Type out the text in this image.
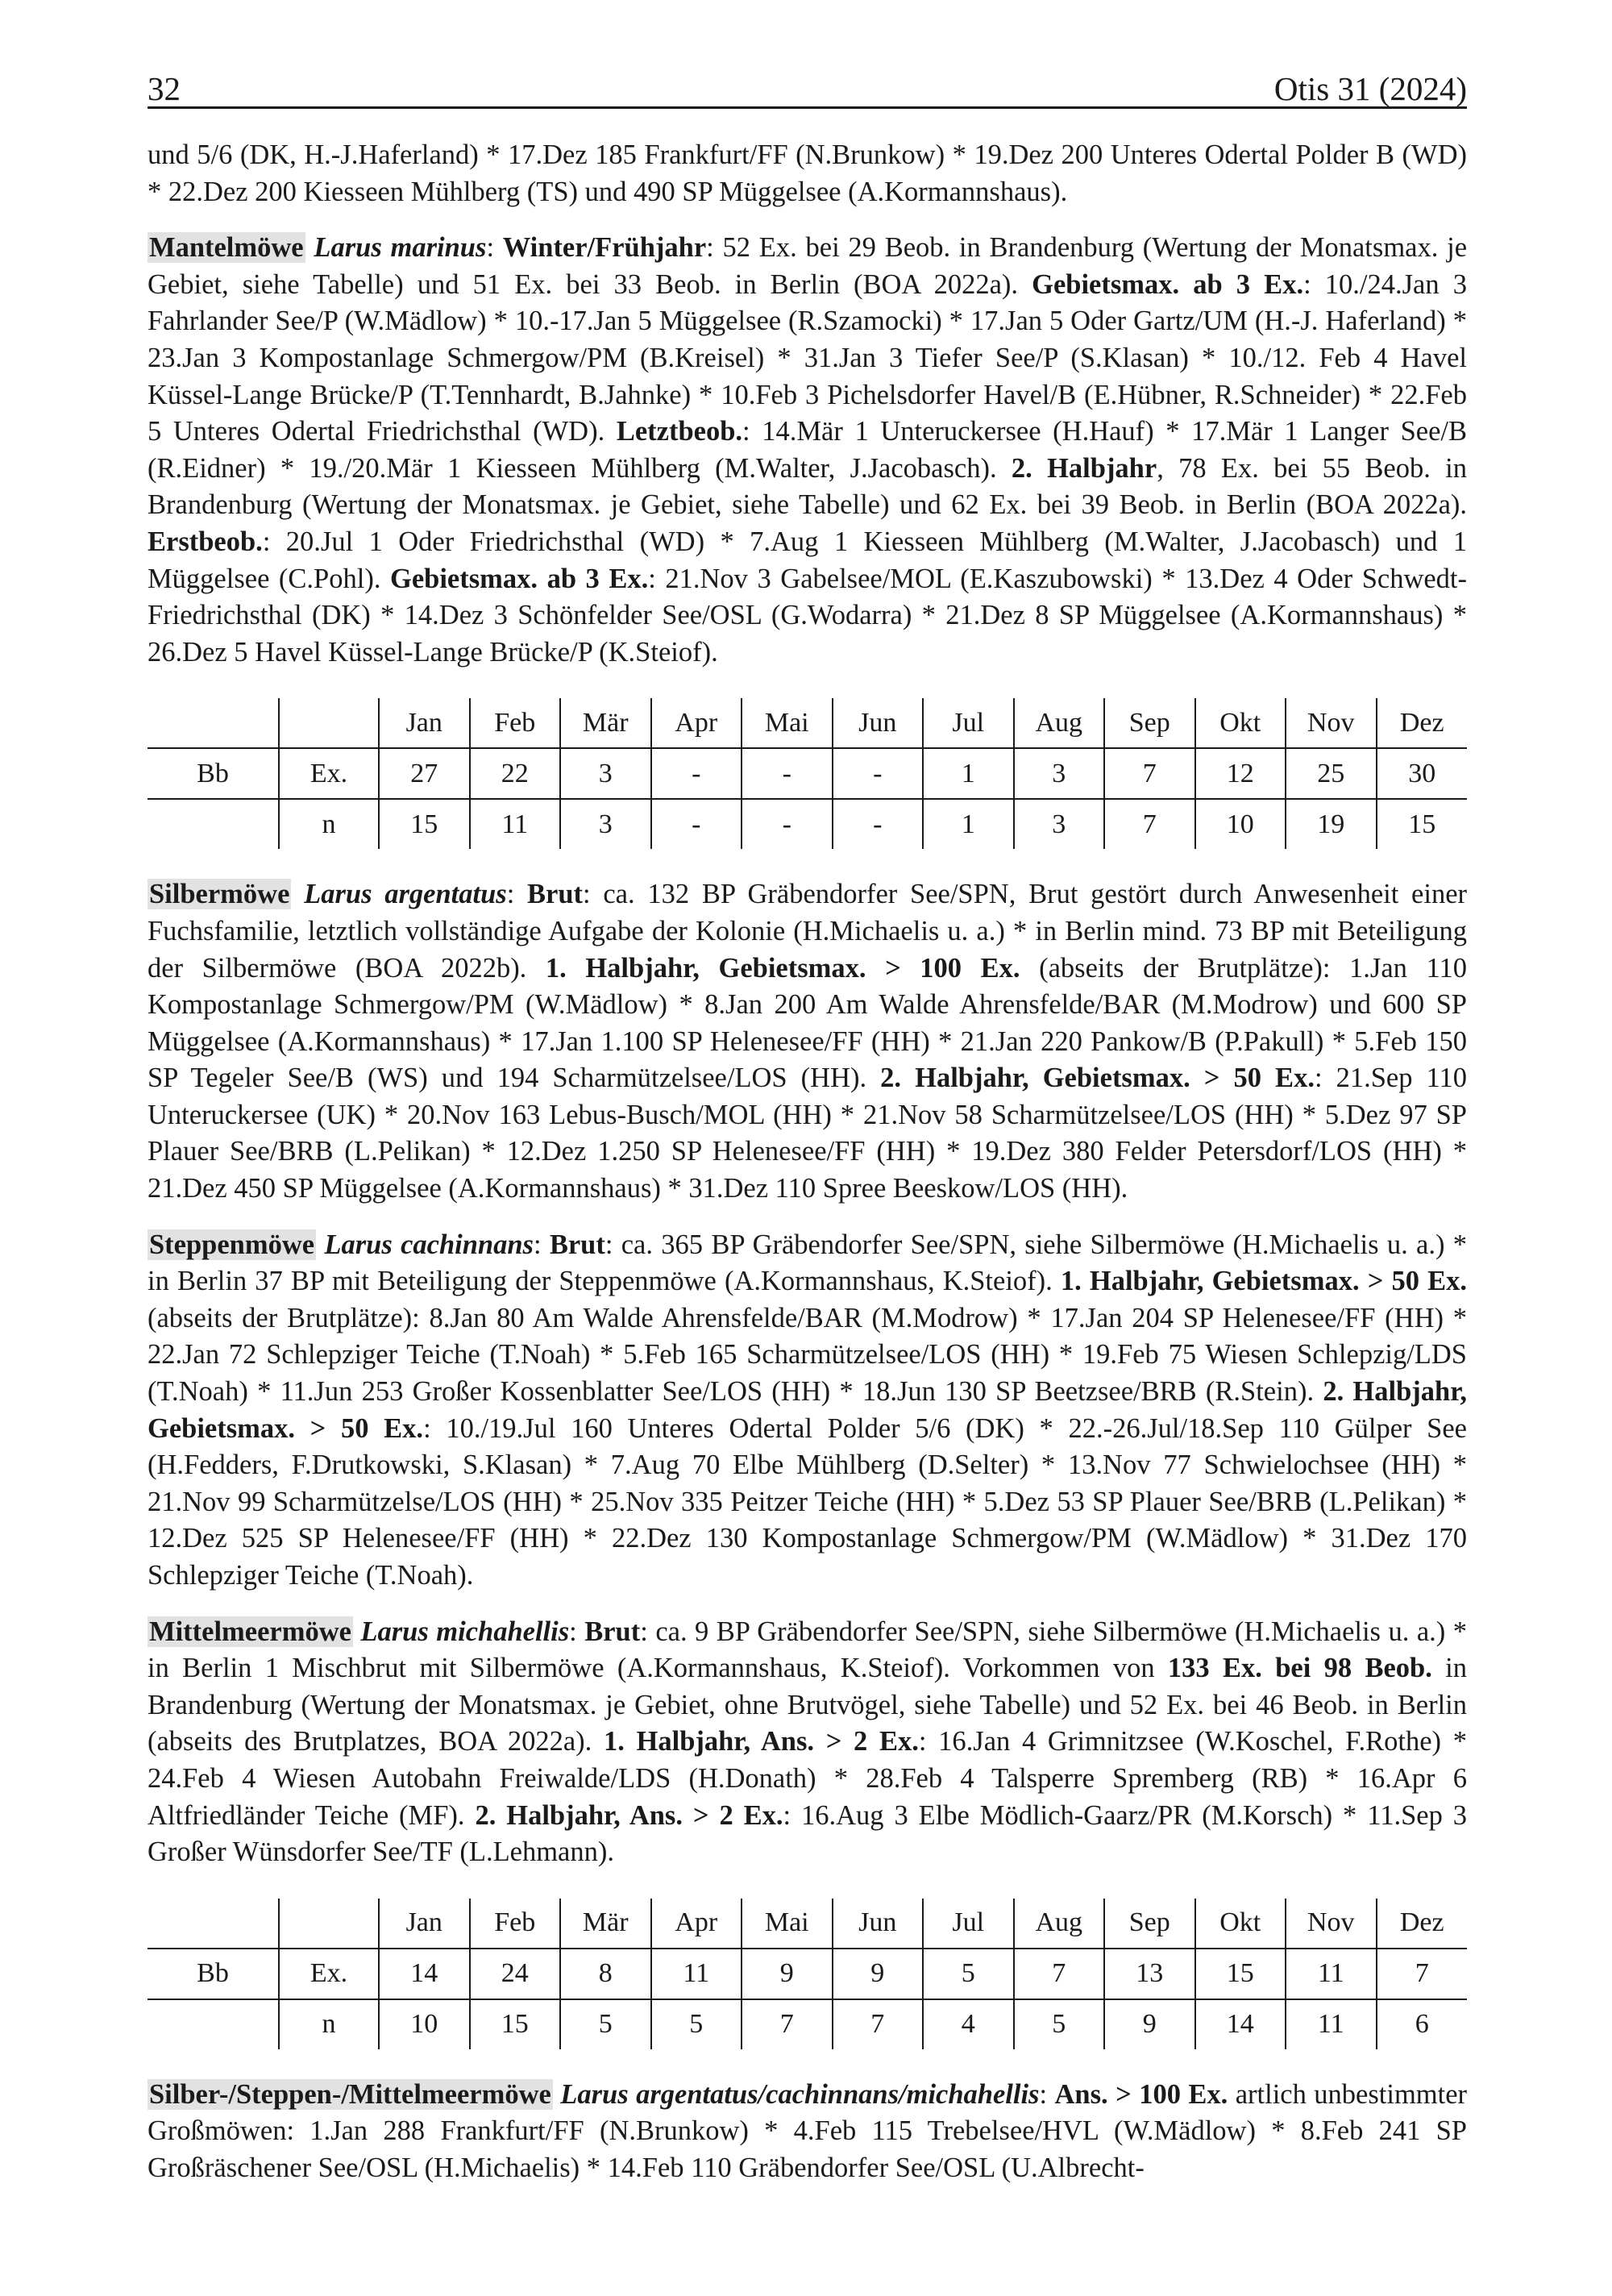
32	Otis 31 (2024)

und 5/6 (DK, H.-J.Haferland) * 17.Dez 185 Frankfurt/FF (N.Brunkow) * 19.Dez 200 Unteres Odertal Polder B (WD) * 22.Dez 200 Kiesseen Mühlberg (TS) und 490 SP Müggelsee (A.Kormannshaus).

Mantelmöwe Larus marinus: Winter/Frühjahr: 52 Ex. bei 29 Beob. in Brandenburg (Wertung der Monatsmax. je Gebiet, siehe Tabelle) und 51 Ex. bei 33 Beob. in Berlin (BOA 2022a). Gebietsmax. ab 3 Ex.: 10./24.Jan 3 Fahrlander See/P (W.Mädlow) * 10.-17.Jan 5 Müggelsee (R.Szamocki) * 17.Jan 5 Oder Gartz/UM (H.-J. Haferland) * 23.Jan 3 Kompostanlage Schmergow/PM (B.Kreisel) * 31.Jan 3 Tiefer See/P (S.Klasan) * 10./12. Feb 4 Havel Küssel-Lange Brücke/P (T.Tennhardt, B.Jahnke) * 10.Feb 3 Pichelsdorfer Havel/B (E.Hübner, R.Schneider) * 22.Feb 5 Unteres Odertal Friedrichsthal (WD). Letztbeob.: 14.Mär 1 Unteruckersee (H.Hauf) * 17.Mär 1 Langer See/B (R.Eidner) * 19./20.Mär 1 Kiesseen Mühlberg (M.Walter, J.Jacobasch). 2. Halbjahr, 78 Ex. bei 55 Beob. in Brandenburg (Wertung der Monatsmax. je Gebiet, siehe Tabelle) und 62 Ex. bei 39 Beob. in Berlin (BOA 2022a). Erstbeob.: 20.Jul 1 Oder Friedrichsthal (WD) * 7.Aug 1 Kiesseen Mühlberg (M.Walter, J.Jacobasch) und 1 Müggelsee (C.Pohl). Gebietsmax. ab 3 Ex.: 21.Nov 3 Gabelsee/MOL (E.Kaszubowski) * 13.Dez 4 Oder Schwedt-Friedrichsthal (DK) * 14.Dez 3 Schönfelder See/OSL (G.Wodarra) * 21.Dez 8 SP Müggelsee (A.Kormannshaus) * 26.Dez 5 Havel Küssel-Lange Brücke/P (K.Steiof).

		Jan	Feb	Mär	Apr	Mai	Jun	Jul	Aug	Sep	Okt	Nov	Dez
Bb	Ex.	27	22	3	-	-	-	1	3	7	12	25	30
	n	15	11	3	-	-	-	1	3	7	10	19	15

Silbermöwe Larus argentatus: Brut: ca. 132 BP Gräbendorfer See/SPN, Brut gestört durch Anwesenheit einer Fuchsfamilie, letztlich vollständige Aufgabe der Kolonie (H.Michaelis u. a.) * in Berlin mind. 73 BP mit Beteiligung der Silbermöwe (BOA 2022b). 1. Halbjahr, Gebietsmax. > 100 Ex. (abseits der Brutplätze): 1.Jan 110 Kompostanlage Schmergow/PM (W.Mädlow) * 8.Jan 200 Am Walde Ahrensfelde/BAR (M.Modrow) und 600 SP Müggelsee (A.Kormannshaus) * 17.Jan 1.100 SP Helenesee/FF (HH) * 21.Jan 220 Pankow/B (P.Pakull) * 5.Feb 150 SP Tegeler See/B (WS) und 194 Scharmützelsee/LOS (HH). 2. Halbjahr, Gebietsmax. > 50 Ex.: 21.Sep 110 Unteruckersee (UK) * 20.Nov 163 Lebus-Busch/MOL (HH) * 21.Nov 58 Scharmützelsee/LOS (HH) * 5.Dez 97 SP Plauer See/BRB (L.Pelikan) * 12.Dez 1.250 SP Helenesee/FF (HH) * 19.Dez 380 Felder Petersdorf/LOS (HH) * 21.Dez 450 SP Müggelsee (A.Kormannshaus) * 31.Dez 110 Spree Beeskow/LOS (HH).

Steppenmöwe Larus cachinnans: Brut: ca. 365 BP Gräbendorfer See/SPN, siehe Silbermöwe (H.Michaelis u. a.) * in Berlin 37 BP mit Beteiligung der Steppenmöwe (A.Kormannshaus, K.Steiof). 1. Halbjahr, Gebietsmax. > 50 Ex. (abseits der Brutplätze): 8.Jan 80 Am Walde Ahrensfelde/BAR (M.Modrow) * 17.Jan 204 SP Helenesee/FF (HH) * 22.Jan 72 Schlepziger Teiche (T.Noah) * 5.Feb 165 Scharmützelsee/LOS (HH) * 19.Feb 75 Wiesen Schlepzig/LDS (T.Noah) * 11.Jun 253 Großer Kossenblatter See/LOS (HH) * 18.Jun 130 SP Beetzsee/BRB (R.Stein). 2. Halbjahr, Gebietsmax. > 50 Ex.: 10./19.Jul 160 Unteres Odertal Polder 5/6 (DK) * 22.-26.Jul/18.Sep 110 Gülper See (H.Fedders, F.Drutkowski, S.Klasan) * 7.Aug 70 Elbe Mühlberg (D.Selter) * 13.Nov 77 Schwielochsee (HH) * 21.Nov 99 Scharmützelse/LOS (HH) * 25.Nov 335 Peitzer Teiche (HH) * 5.Dez 53 SP Plauer See/BRB (L.Pelikan) * 12.Dez 525 SP Helenesee/FF (HH) * 22.Dez 130 Kompostanlage Schmergow/PM (W.Mädlow) * 31.Dez 170 Schlepziger Teiche (T.Noah).

Mittelmeermöwe Larus michahellis: Brut: ca. 9 BP Gräbendorfer See/SPN, siehe Silbermöwe (H.Michaelis u. a.) * in Berlin 1 Mischbrut mit Silbermöwe (A.Kormannshaus, K.Steiof). Vorkommen von 133 Ex. bei 98 Beob. in Brandenburg (Wertung der Monatsmax. je Gebiet, ohne Brutvögel, siehe Tabelle) und 52 Ex. bei 46 Beob. in Berlin (abseits des Brutplatzes, BOA 2022a). 1. Halbjahr, Ans. > 2 Ex.: 16.Jan 4 Grimnitzsee (W.Koschel, F.Rothe) * 24.Feb 4 Wiesen Autobahn Freiwalde/LDS (H.Donath) * 28.Feb 4 Talsperre Spremberg (RB) * 16.Apr 6 Altfriedländer Teiche (MF). 2. Halbjahr, Ans. > 2 Ex.: 16.Aug 3 Elbe Mödlich-Gaarz/PR (M.Korsch) * 11.Sep 3 Großer Wünsdorfer See/TF (L.Lehmann).

		Jan	Feb	Mär	Apr	Mai	Jun	Jul	Aug	Sep	Okt	Nov	Dez
Bb	Ex.	14	24	8	11	9	9	5	7	13	15	11	7
	n	10	15	5	5	7	7	4	5	9	14	11	6

Silber-/Steppen-/Mittelmeermöwe Larus argentatus/cachinnans/michahellis: Ans. > 100 Ex. artlich unbestimmter Großmöwen: 1.Jan 288 Frankfurt/FF (N.Brunkow) * 4.Feb 115 Trebelsee/HVL (W.Mädlow) * 8.Feb 241 SP Großräschener See/OSL (H.Michaelis) * 14.Feb 110 Gräbendorfer See/OSL (U.Albrecht-
